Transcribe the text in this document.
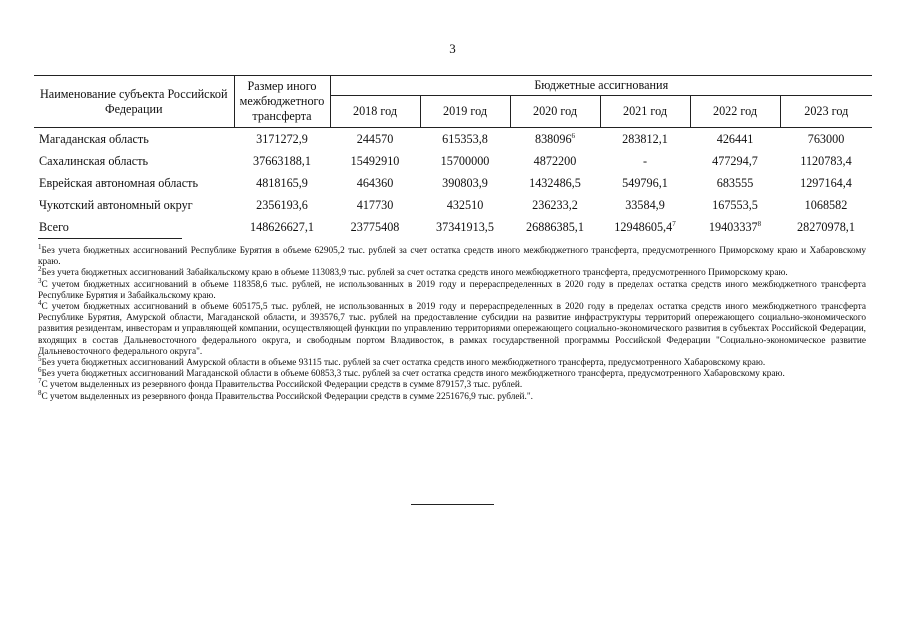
3
Наименование субъекта Российской Федерации	Размер иного межбюджетного трансферта	Бюджетные ассигнования					
		2018 год	2019 год	2020 год	2021 год	2022 год	2023 год
Магаданская область	3171272,9	244570	615353,8	838096$^6$	283812,1	426441	763000
Сахалинская область	37663188,1	15492910	15700000	4872200	-	477294,7	1120783,4
Еврейская автономная область	4818165,9	464360	390803,9	1432486,5	549796,1	683555	1297164,4
Чукотский автономный округ	2356193,6	417730	432510	236233,2	33584,9	167553,5	1068582
Всего	148626627,1	23775408	37341913,5	26886385,1	12948605,4$^7$	19403337$^8$	28270978,1

$^1$Без учета бюджетных ассигнований Республике Бурятия в объеме 62905,2 тыс. рублей за счет остатка средств иного межбюджетного трансферта, предусмотренного Приморскому краю и Хабаровскому краю.

$^2$Без учета бюджетных ассигнований Забайкальскому краю в объеме 113083,9 тыс. рублей за счет остатка средств иного межбюджетного трансферта, предусмотренного Приморскому краю.

$^3$С учетом бюджетных ассигнований в объеме 118358,6 тыс. рублей, не использованных в 2019 году и перераспределенных в 2020 году в пределах остатка средств иного межбюджетного трансферта Республике Бурятия и Забайкальскому краю.

$^4$С учетом бюджетных ассигнований в объеме 605175,5 тыс. рублей, не использованных в 2019 году и перераспределенных в 2020 году в пределах остатка средств иного межбюджетного трансферта Республике Бурятия, Амурской области, Магаданской области, и 393576,7 тыс. рублей на предоставление субсидии на развитие инфраструктуры территорий опережающего социально-экономического развития резидентам, инвесторам и управляющей компании, осуществляющей функции по управлению территориями опережающего социально-экономического развития в субъектах Российской Федерации, входящих в состав Дальневосточного федерального округа, и свободным портом Владивосток, в рамках государственной программы Российской Федерации "Социально-экономическое развитие Дальневосточного федерального округа".

$^5$Без учета бюджетных ассигнований Амурской области в объеме 93115 тыс. рублей за счет остатка средств иного межбюджетного трансферта, предусмотренного Хабаровскому краю.

$^6$Без учета бюджетных ассигнований Магаданской области в объеме 60853,3 тыс. рублей за счет остатка средств иного межбюджетного трансферта, предусмотренного Хабаровскому краю.

$^7$С учетом выделенных из резервного фонда Правительства Российской Федерации средств в сумме 879157,3 тыс. рублей.

$^8$С учетом выделенных из резервного фонда Правительства Российской Федерации средств в сумме 2251676,9 тыс. рублей.".
